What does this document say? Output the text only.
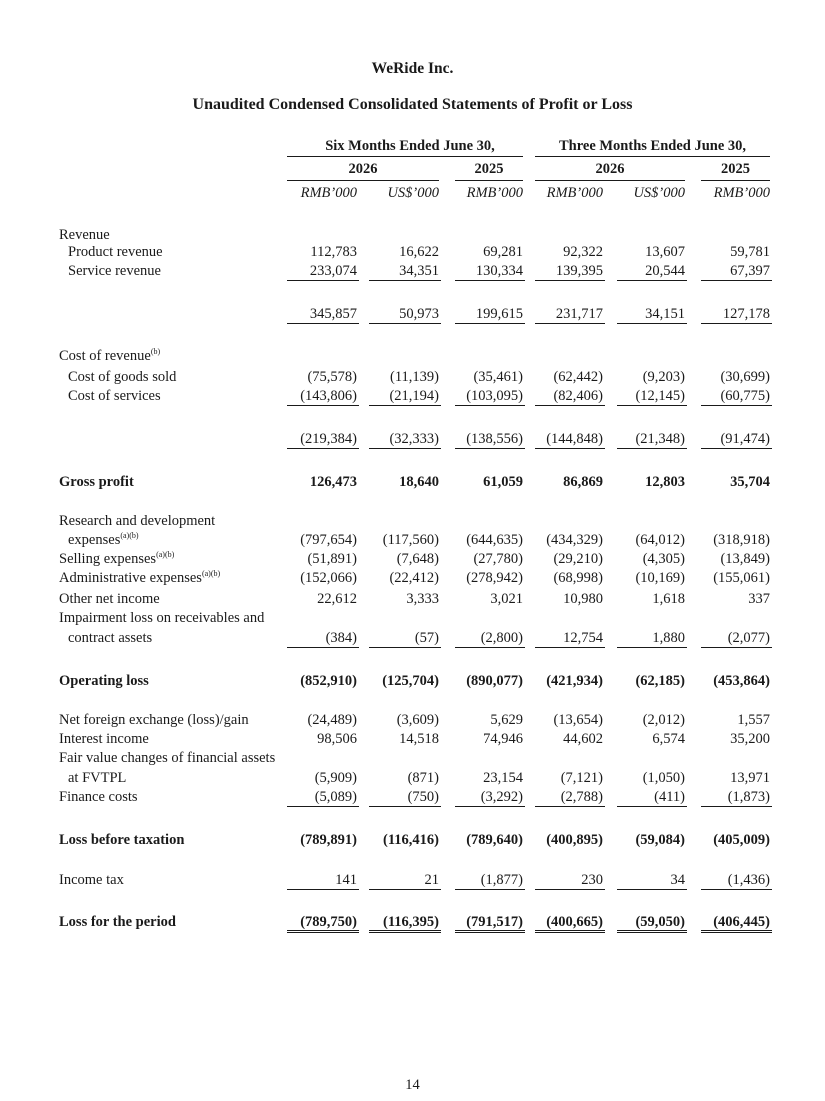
WeRide Inc.
Unaudited Condensed Consolidated Statements of Profit or Loss
Six Months Ended June 30,	Three Months Ended June 30,
2026	2025	2026	2025
RMB’000	US$’000	RMB’000	RMB’000	US$’000	RMB’000
Revenue
Product revenue	112,783	16,622	69,281	92,322	13,607	59,781
Service revenue	233,074	34,351	130,334	139,395	20,544	67,397
345,857	50,973	199,615	231,717	34,151	127,178
Cost of revenue$^{(b)}$
Cost of goods sold	(75,578)	(11,139)	(35,461)	(62,442)	(9,203)	(30,699)
Cost of services	(143,806)	(21,194)	(103,095)	(82,406)	(12,145)	(60,775)
(219,384)	(32,333)	(138,556)	(144,848)	(21,348)	(91,474)
Gross profit	126,473	18,640	61,059	86,869	12,803	35,704
Research and development
expenses$^{(a)(b)}$	(797,654)	(117,560)	(644,635)	(434,329)	(64,012)	(318,918)
Selling expenses$^{(a)(b)}$	(51,891)	(7,648)	(27,780)	(29,210)	(4,305)	(13,849)
Administrative expenses$^{(a)(b)}$	(152,066)	(22,412)	(278,942)	(68,998)	(10,169)	(155,061)
Other net income	22,612	3,333	3,021	10,980	1,618	337
Impairment loss on receivables and
contract assets	(384)	(57)	(2,800)	12,754	1,880	(2,077)
Operating loss	(852,910)	(125,704)	(890,077)	(421,934)	(62,185)	(453,864)
Net foreign exchange (loss)/gain	(24,489)	(3,609)	5,629	(13,654)	(2,012)	1,557
Interest income	98,506	14,518	74,946	44,602	6,574	35,200
Fair value changes of financial assets
at FVTPL	(5,909)	(871)	23,154	(7,121)	(1,050)	13,971
Finance costs	(5,089)	(750)	(3,292)	(2,788)	(411)	(1,873)
Loss before taxation	(789,891)	(116,416)	(789,640)	(400,895)	(59,084)	(405,009)
Income tax	141	21	(1,877)	230	34	(1,436)
Loss for the period	(789,750)	(116,395)	(791,517)	(400,665)	(59,050)	(406,445)
14
